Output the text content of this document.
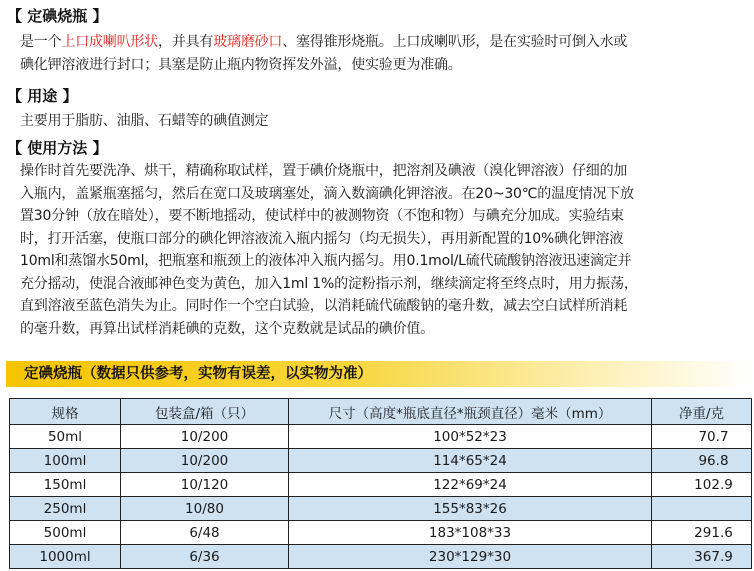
【 定碘烧瓶 】
是一个上口成喇叭形状，并具有玻璃磨砂口、塞得锥形烧瓶。上口成喇叭形，是在实验时可倒入水或
碘化钾溶液进行封口；具塞是防止瓶内物资挥发外溢，使实验更为准确。
【 用途 】
主要用于脂肪、油脂、石蜡等的碘值测定
【 使用方法 】
操作时首先要洗净、烘干，精确称取试样，置于碘价烧瓶中，把溶剂及碘液（溴化钾溶液）仔细的加
入瓶内，盖紧瓶塞摇匀，然后在宽口及玻璃塞处，滴入数滴碘化钾溶液。在20~30℃的温度情况下放
置30分钟（放在暗处），要不断地摇动，使试样中的被测物资（不饱和物）与碘充分加成。实验结束
时，打开活塞，使瓶口部分的碘化钾溶液流入瓶内摇匀（均无损失），再用新配置的10%碘化钾溶液
10ml和蒸馏水50ml，把瓶塞和瓶颈上的液体冲入瓶内摇匀。用0.1mol/L硫代硫酸钠溶液迅速滴定并
充分摇动，使混合液邮神色变为黄色，加入1ml 1%的淀粉指示剂，继续滴定将至终点时，用力振荡，
直到溶液至蓝色消失为止。同时作一个空白试验，以消耗硫代硫酸钠的毫升数，减去空白试样所消耗
的毫升数，再算出试样消耗碘的克数，这个克数就是试品的碘价值。
定碘烧瓶（数据只供参考，实物有误差，以实物为准）
规格	包装盒/箱（只）	尺寸（高度*瓶底直径*瓶颈直径）毫米（mm）	净重/克
50ml	10/200	100*52*23	70.7
100ml	10/200	114*65*24	96.8
150ml	10/120	122*69*24	102.9
250ml	10/80	155*83*26	
500ml	6/48	183*108*33	291.6
1000ml	6/36	230*129*30	367.9
